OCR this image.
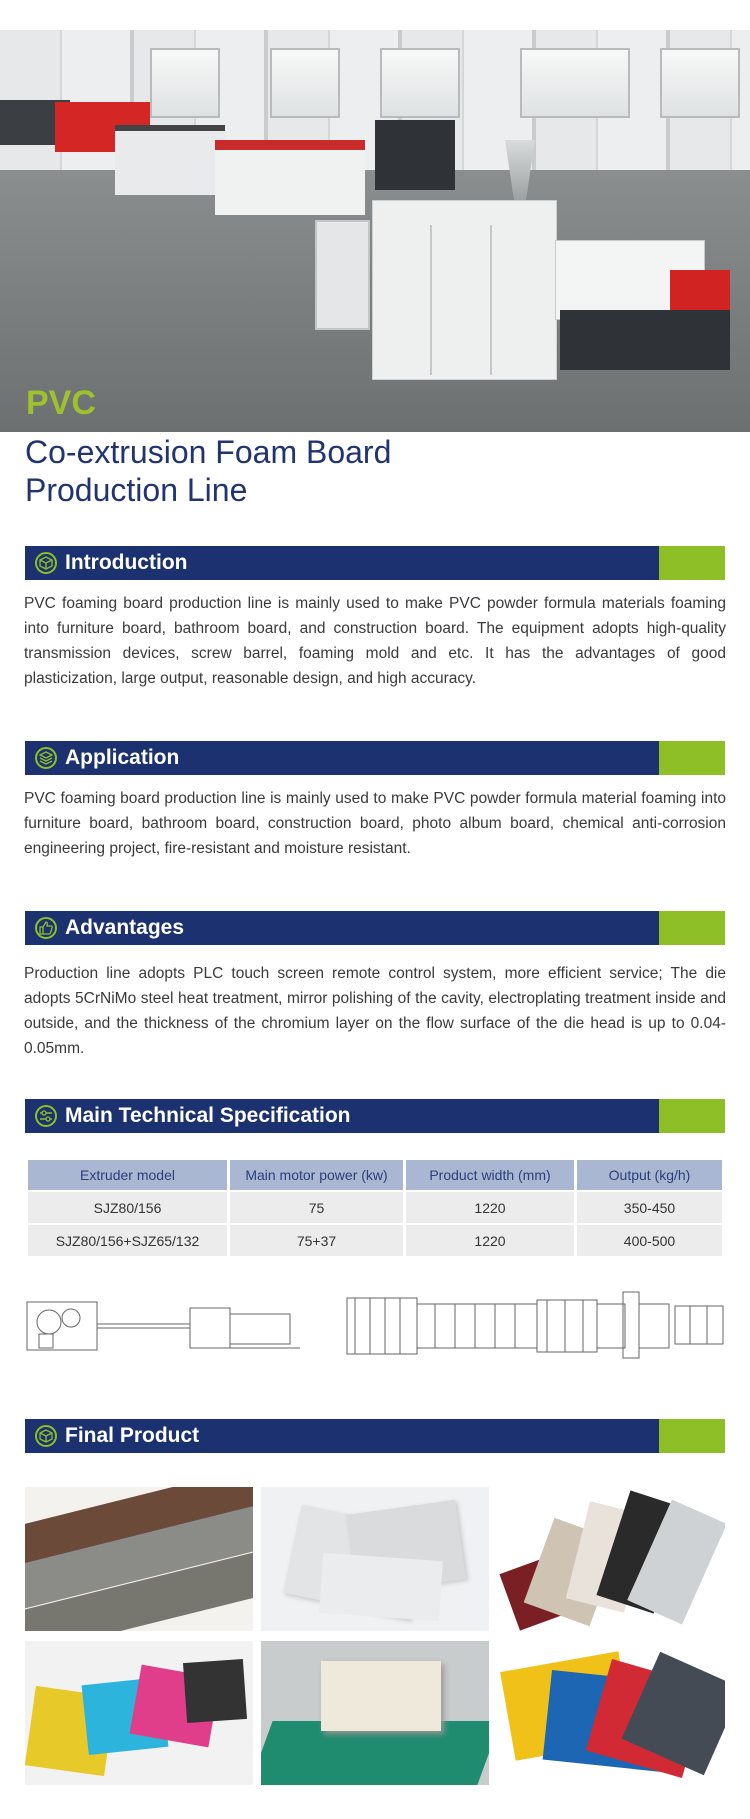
PVC
Co-extrusion Foam Board
Production Line
Introduction
PVC foaming board production line is mainly used to make PVC powder formula materials foaming into furniture board, bathroom board, and construction board. The equipment adopts high-quality transmission devices, screw barrel, foaming mold and etc. It has the advantages of good plasticization, large output, reasonable design, and high accuracy.
Application
PVC foaming board production line is mainly used to make PVC powder formula material foaming into furniture board, bathroom board, construction board, photo album board, chemical anti-corrosion engineering project, fire-resistant and moisture resistant.
Advantages
Production line adopts PLC touch screen remote control system, more efficient service; The die adopts 5CrNiMo steel heat treatment, mirror polishing of the cavity, electroplating treatment inside and outside, and the thickness of the chromium layer on the flow surface of the die head is up to 0.04-0.05mm.
Main Technical Specification
Extruder model	Main motor power (kw)	Product width (mm)	Output (kg/h)
SJZ80/156	75	1220	350-450
SJZ80/156+SJZ65/132	75+37	1220	400-500
Final Product
